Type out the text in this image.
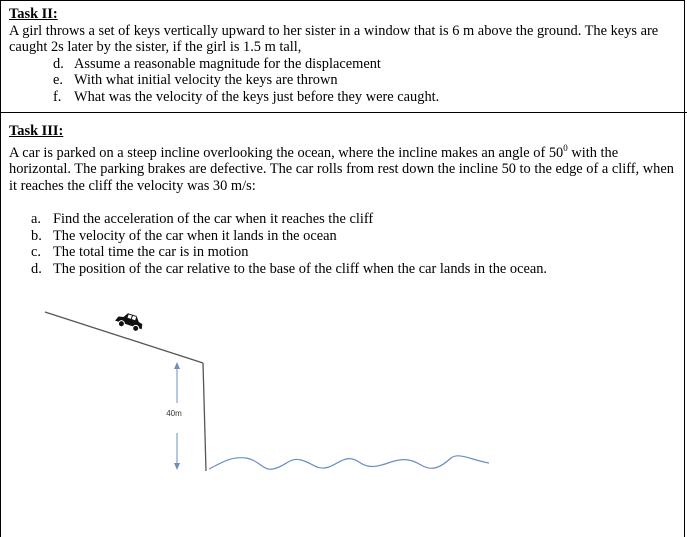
Task II:

A girl throws a set of keys vertically upward to her sister in a window that is 6 m above the ground. The keys are caught 2s later by the sister, if the girl is 1.5 m tall,

d. Assume a reasonable magnitude for the displacement
e. With what initial velocity the keys are thrown
f. What was the velocity of the keys just before they were caught.
Task III:

A car is parked on a steep incline overlooking the ocean, where the incline makes an angle of $50^0$ with the horizontal. The parking brakes are defective. The car rolls from rest down the incline 50 to the edge of a cliff, when it reaches the cliff the velocity was 30 m/s:

a. Find the acceleration of the car when it reaches the cliff
b. The velocity of the car when it lands in the ocean
c. The total time the car is in motion
d. The position of the car relative to the base of the cliff when the car lands in the ocean.
40m
